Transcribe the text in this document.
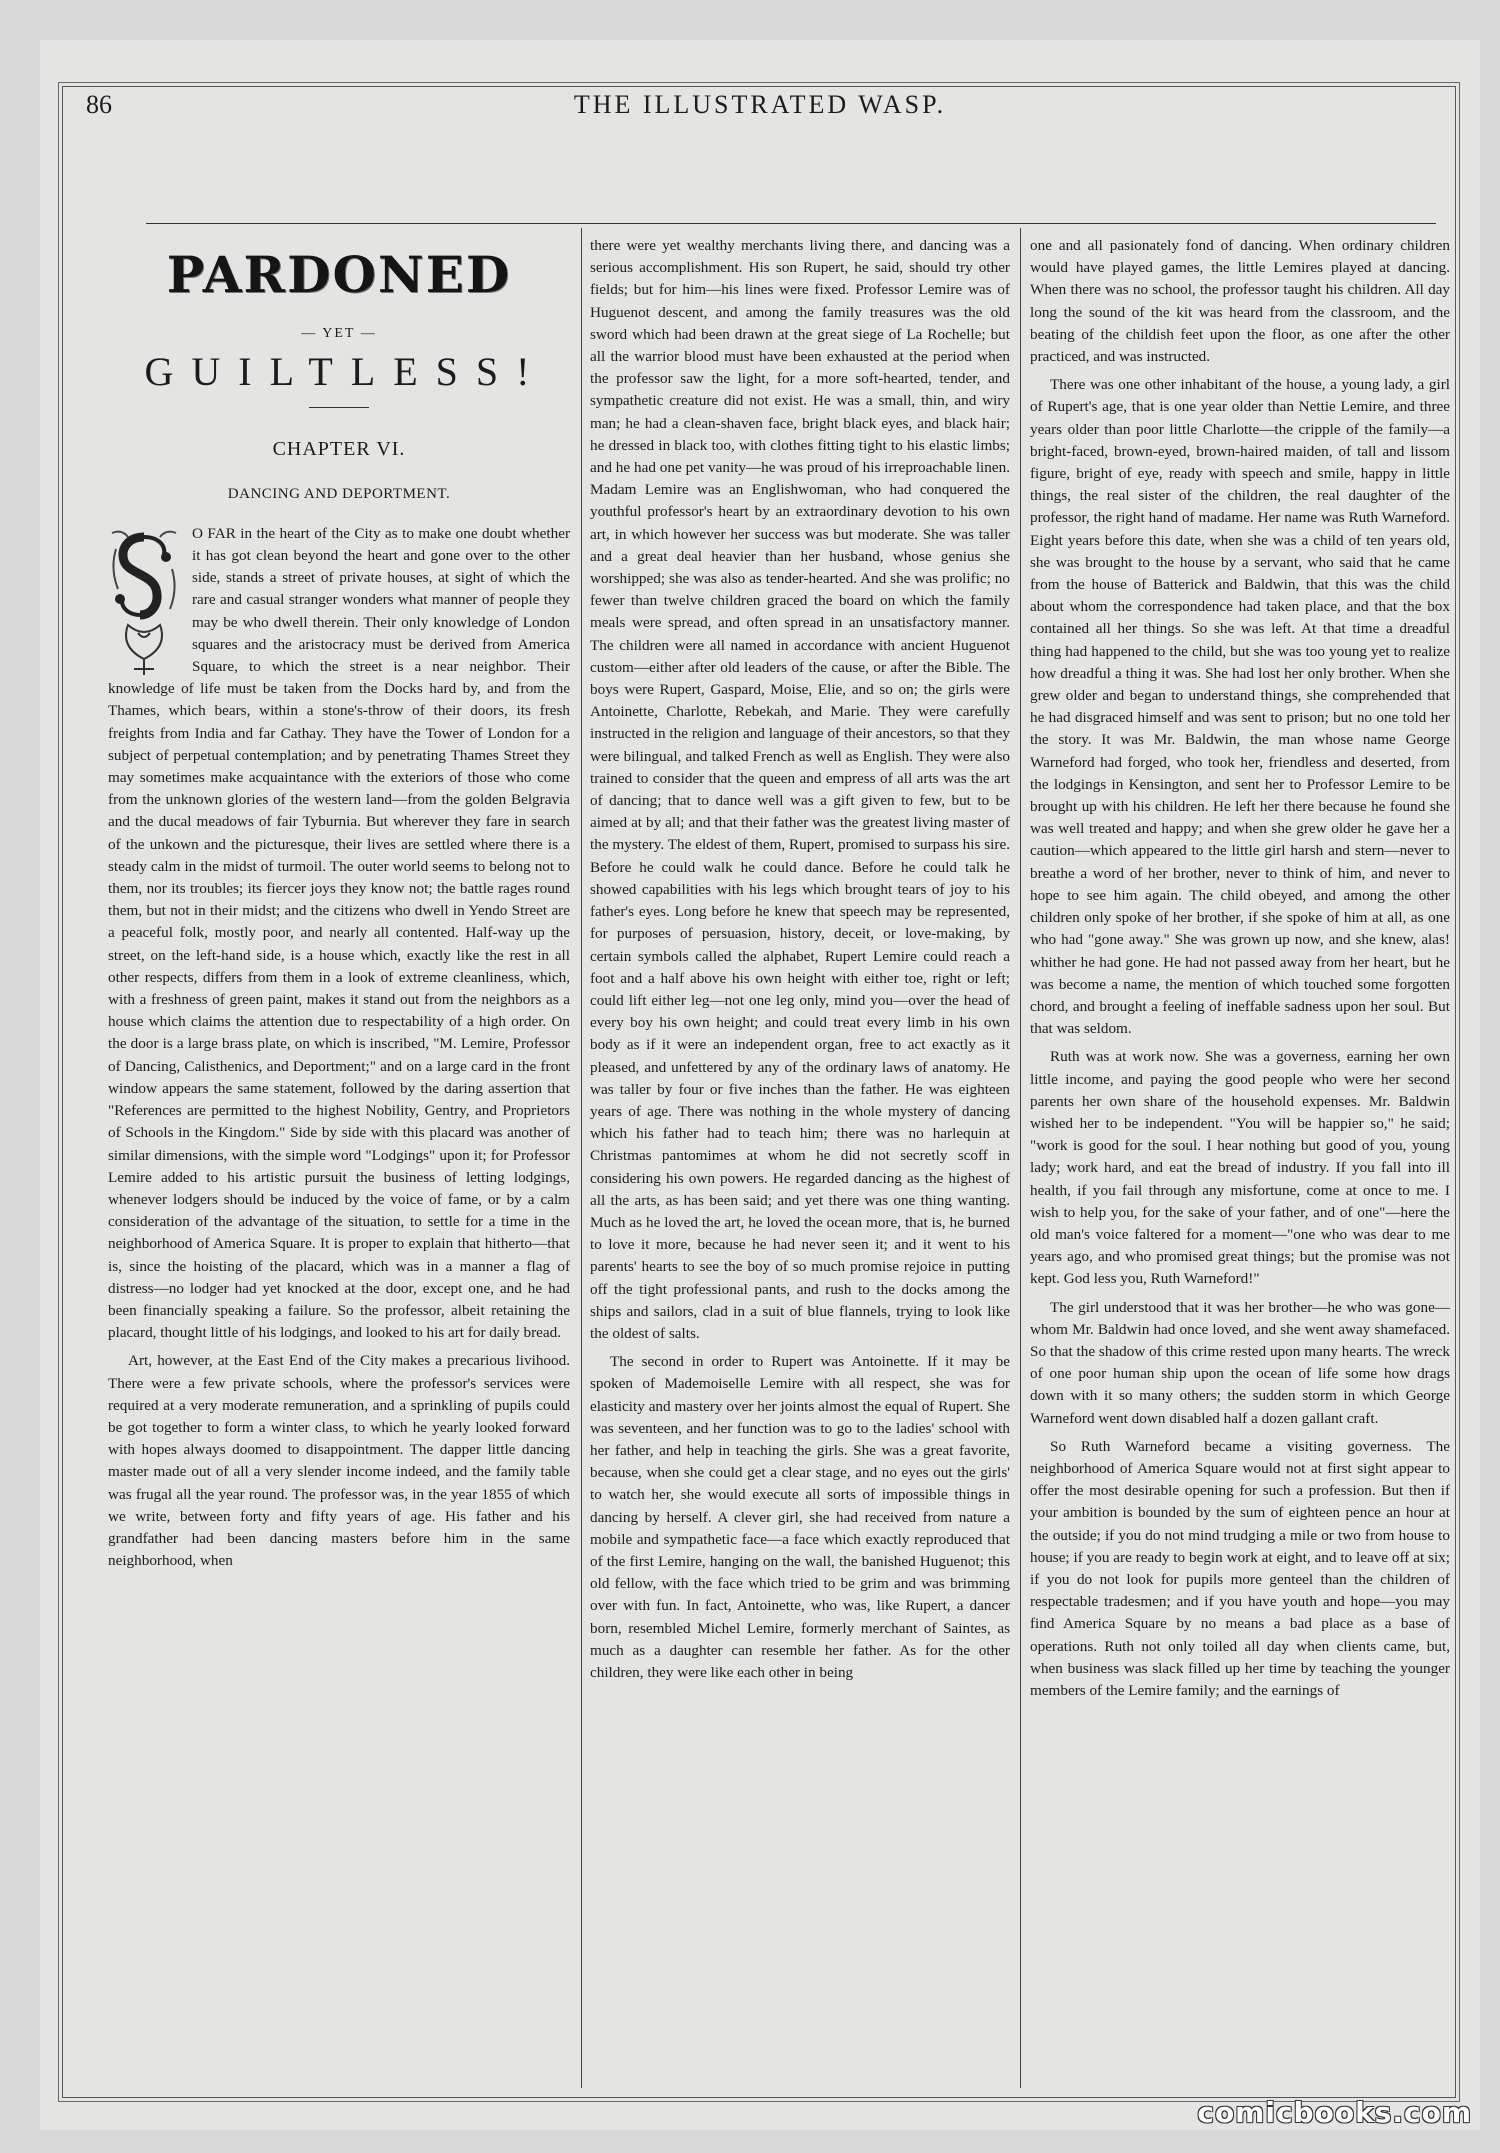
86	THE ILLUSTRATED WASP.
PARDONED
— YET —
GUILTLESS!
CHAPTER VI.
DANCING AND DEPORTMENT.

O FAR in the heart of the City as to make one doubt whether it has got clean beyond the heart and gone over to the other side, stands a street of private houses, at sight of which the rare and casual stranger wonders what manner of people they may be who dwell therein. Their only knowledge of London squares and the aristocracy must be derived from America Square, to which the street is a near neighbor. Their knowledge of life must be taken from the Docks hard by, and from the Thames, which bears, within a stone's-throw of their doors, its fresh freights from India and far Cathay. They have the Tower of London for a subject of perpetual contemplation; and by penetrating Thames Street they may sometimes make acquaintance with the exteriors of those who come from the unknown glories of the western land—from the golden Belgravia and the ducal meadows of fair Tyburnia. But wherever they fare in search of the unkown and the picturesque, their lives are settled where there is a steady calm in the midst of turmoil. The outer world seems to belong not to them, nor its troubles; its fiercer joys they know not; the battle rages round them, but not in their midst; and the citizens who dwell in Yendo Street are a peaceful folk, mostly poor, and nearly all contented. Half-way up the street, on the left-hand side, is a house which, exactly like the rest in all other respects, differs from them in a look of extreme cleanliness, which, with a freshness of green paint, makes it stand out from the neighbors as a house which claims the attention due to respectability of a high order. On the door is a large brass plate, on which is inscribed, "M. Lemire, Professor of Dancing, Calisthenics, and Deportment;" and on a large card in the front window appears the same statement, followed by the daring assertion that "References are permitted to the highest Nobility, Gentry, and Proprietors of Schools in the Kingdom." Side by side with this placard was another of similar dimensions, with the simple word "Lodgings" upon it; for Professor Lemire added to his artistic pursuit the business of letting lodgings, whenever lodgers should be induced by the voice of fame, or by a calm consideration of the advantage of the situation, to settle for a time in the neighborhood of America Square. It is proper to explain that hitherto—that is, since the hoisting of the placard, which was in a manner a flag of distress—no lodger had yet knocked at the door, except one, and he had been financially speaking a failure. So the professor, albeit retaining the placard, thought little of his lodgings, and looked to his art for daily bread.

Art, however, at the East End of the City makes a precarious livihood. There were a few private schools, where the professor's services were required at a very moderate remuneration, and a sprinkling of pupils could be got together to form a winter class, to which he yearly looked forward with hopes always doomed to disappointment. The dapper little dancing master made out of all a very slender income indeed, and the family table was frugal all the year round. The professor was, in the year 1855 of which we write, between forty and fifty years of age. His father and his grandfather had been dancing masters before him in the same neighborhood, when

there were yet wealthy merchants living there, and dancing was a serious accomplishment. His son Rupert, he said, should try other fields; but for him—his lines were fixed. Professor Lemire was of Huguenot descent, and among the family treasures was the old sword which had been drawn at the great siege of La Rochelle; but all the warrior blood must have been exhausted at the period when the professor saw the light, for a more soft-hearted, tender, and sympathetic creature did not exist. He was a small, thin, and wiry man; he had a clean-shaven face, bright black eyes, and black hair; he dressed in black too, with clothes fitting tight to his elastic limbs; and he had one pet vanity—he was proud of his irreproachable linen. Madam Lemire was an Englishwoman, who had conquered the youthful professor's heart by an extraordinary devotion to his own art, in which however her success was but moderate. She was taller and a great deal heavier than her husband, whose genius she worshipped; she was also as tender-hearted. And she was prolific; no fewer than twelve children graced the board on which the family meals were spread, and often spread in an unsatisfactory manner. The children were all named in accordance with ancient Huguenot custom—either after old leaders of the cause, or after the Bible. The boys were Rupert, Gaspard, Moise, Elie, and so on; the girls were Antoinette, Charlotte, Rebekah, and Marie. They were carefully instructed in the religion and language of their ancestors, so that they were bilingual, and talked French as well as English. They were also trained to consider that the queen and empress of all arts was the art of dancing; that to dance well was a gift given to few, but to be aimed at by all; and that their father was the greatest living master of the mystery. The eldest of them, Rupert, promised to surpass his sire. Before he could walk he could dance. Before he could talk he showed capabilities with his legs which brought tears of joy to his father's eyes. Long before he knew that speech may be represented, for purposes of persuasion, history, deceit, or love-making, by certain symbols called the alphabet, Rupert Lemire could reach a foot and a half above his own height with either toe, right or left; could lift either leg—not one leg only, mind you—over the head of every boy his own height; and could treat every limb in his own body as if it were an independent organ, free to act exactly as it pleased, and unfettered by any of the ordinary laws of anatomy. He was taller by four or five inches than the father. He was eighteen years of age. There was nothing in the whole mystery of dancing which his father had to teach him; there was no harlequin at Christmas pantomimes at whom he did not secretly scoff in considering his own powers. He regarded dancing as the highest of all the arts, as has been said; and yet there was one thing wanting. Much as he loved the art, he loved the ocean more, that is, he burned to love it more, because he had never seen it; and it went to his parents' hearts to see the boy of so much promise rejoice in putting off the tight professional pants, and rush to the docks among the ships and sailors, clad in a suit of blue flannels, trying to look like the oldest of salts.

The second in order to Rupert was Antoinette. If it may be spoken of Mademoiselle Lemire with all respect, she was for elasticity and mastery over her joints almost the equal of Rupert. She was seventeen, and her function was to go to the ladies' school with her father, and help in teaching the girls. She was a great favorite, because, when she could get a clear stage, and no eyes out the girls' to watch her, she would execute all sorts of impossible things in dancing by herself. A clever girl, she had received from nature a mobile and sympathetic face—a face which exactly reproduced that of the first Lemire, hanging on the wall, the banished Huguenot; this old fellow, with the face which tried to be grim and was brimming over with fun. In fact, Antoinette, who was, like Rupert, a dancer born, resembled Michel Lemire, formerly merchant of Saintes, as much as a daughter can resemble her father. As for the other children, they were like each other in being

one and all pasionately fond of dancing. When ordinary children would have played games, the little Lemires played at dancing. When there was no school, the professor taught his children. All day long the sound of the kit was heard from the classroom, and the beating of the childish feet upon the floor, as one after the other practiced, and was instructed.

There was one other inhabitant of the house, a young lady, a girl of Rupert's age, that is one year older than Nettie Lemire, and three years older than poor little Charlotte—the cripple of the family—a bright-faced, brown-eyed, brown-haired maiden, of tall and lissom figure, bright of eye, ready with speech and smile, happy in little things, the real sister of the children, the real daughter of the professor, the right hand of madame. Her name was Ruth Warneford. Eight years before this date, when she was a child of ten years old, she was brought to the house by a servant, who said that he came from the house of Batterick and Baldwin, that this was the child about whom the correspondence had taken place, and that the box contained all her things. So she was left. At that time a dreadful thing had happened to the child, but she was too young yet to realize how dreadful a thing it was. She had lost her only brother. When she grew older and began to understand things, she comprehended that he had disgraced himself and was sent to prison; but no one told her the story. It was Mr. Baldwin, the man whose name George Warneford had forged, who took her, friendless and deserted, from the lodgings in Kensington, and sent her to Professor Lemire to be brought up with his children. He left her there because he found she was well treated and happy; and when she grew older he gave her a caution—which appeared to the little girl harsh and stern—never to breathe a word of her brother, never to think of him, and never to hope to see him again. The child obeyed, and among the other children only spoke of her brother, if she spoke of him at all, as one who had "gone away." She was grown up now, and she knew, alas! whither he had gone. He had not passed away from her heart, but he was become a name, the mention of which touched some forgotten chord, and brought a feeling of ineffable sadness upon her soul. But that was seldom.

Ruth was at work now. She was a governess, earning her own little income, and paying the good people who were her second parents her own share of the household expenses. Mr. Baldwin wished her to be independent. "You will be happier so," he said; "work is good for the soul. I hear nothing but good of you, young lady; work hard, and eat the bread of industry. If you fall into ill health, if you fail through any misfortune, come at once to me. I wish to help you, for the sake of your father, and of one"—here the old man's voice faltered for a moment—"one who was dear to me years ago, and who promised great things; but the promise was not kept. God less you, Ruth Warneford!"

The girl understood that it was her brother—he who was gone—whom Mr. Baldwin had once loved, and she went away shamefaced. So that the shadow of this crime rested upon many hearts. The wreck of one poor human ship upon the ocean of life some how drags down with it so many others; the sudden storm in which George Warneford went down disabled half a dozen gallant craft.

So Ruth Warneford became a visiting governess. The neighborhood of America Square would not at first sight appear to offer the most desirable opening for such a profession. But then if your ambition is bounded by the sum of eighteen pence an hour at the outside; if you do not mind trudging a mile or two from house to house; if you are ready to begin work at eight, and to leave off at six; if you do not look for pupils more genteel than the children of respectable tradesmen; and if you have youth and hope—you may find America Square by no means a bad place as a base of operations. Ruth not only toiled all day when clients came, but, when business was slack filled up her time by teaching the younger members of the Lemire family; and the earnings of

comicbooks.com
